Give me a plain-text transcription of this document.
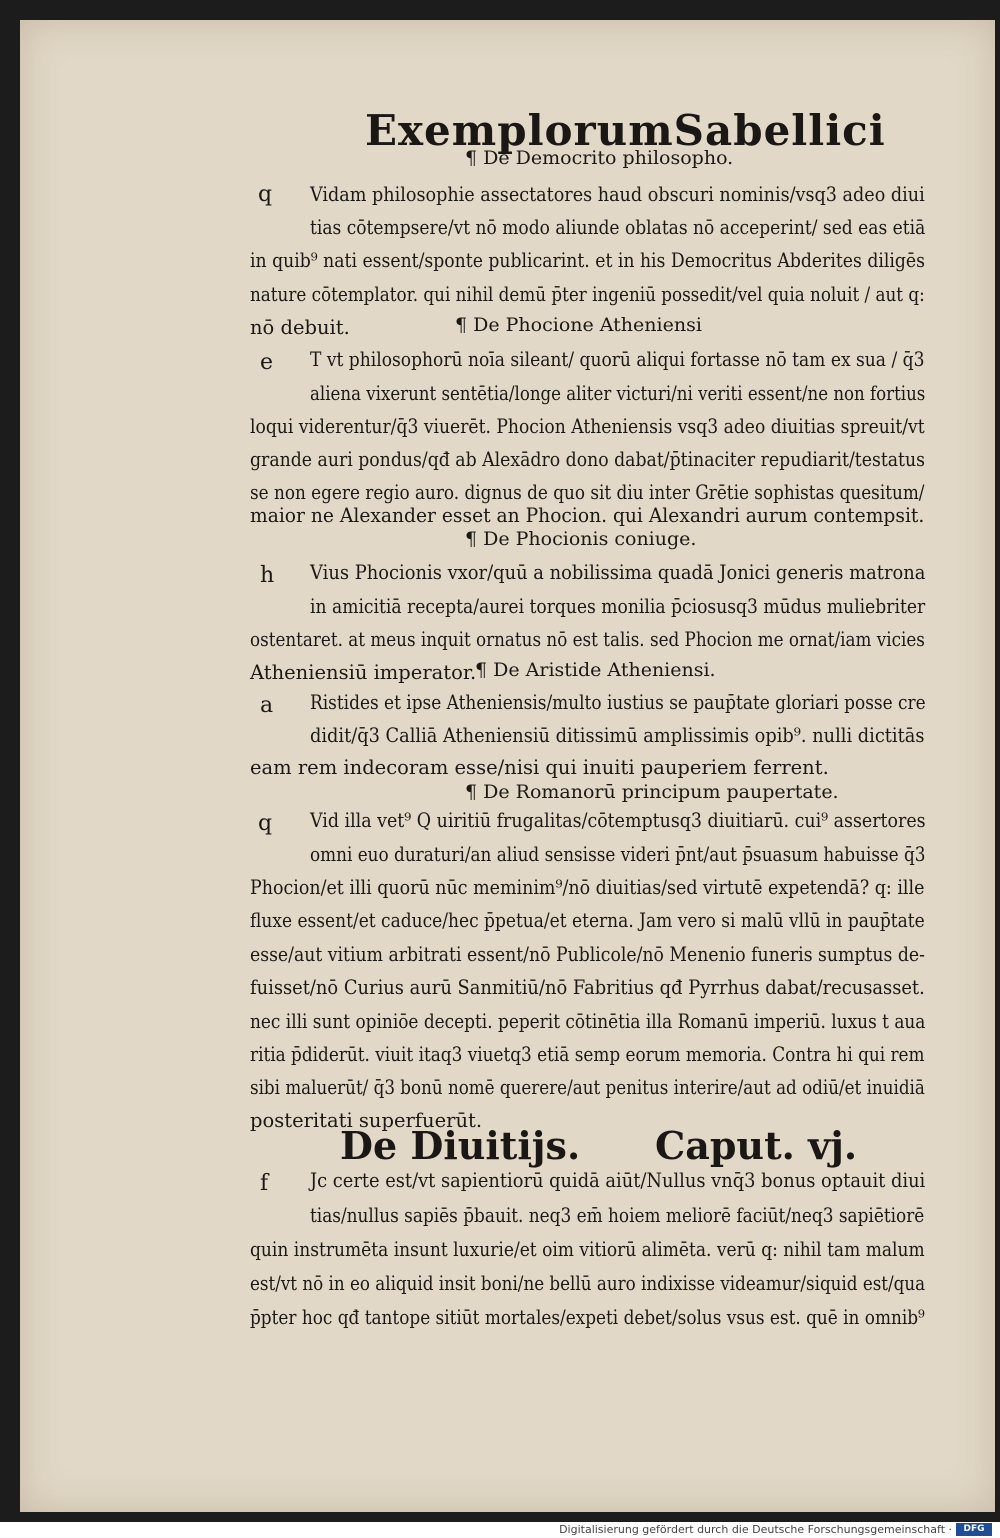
Exemplorum Sabellici
¶ De Democrito philosopho.
q Vidam philosophie assectatores haud obscuri nominis/vsq3 adeo diui
tias cōtempsere/vt nō modo aliunde oblatas nō acceperint/ sed eas etiā
in quib⁹ nati essent/sponte publicarint. et in his Democritus Abderites diligēs
nature cōtemplator. qui nihil demū p̄ter ingeniū possedit/vel quia noluit / aut q:
nō debuit.	¶ De Phocione Atheniensi
e T vt philosophorū noīa sileant/ quorū aliqui fortasse nō tam ex sua / q̄3
aliena vixerunt sentētia/longe aliter victuri/ni veriti essent/ne non fortius
loqui viderentur/q̄3 viuerēt. Phocion Atheniensis vsq3 adeo diuitias spreuit/vt
grande auri pondus/qđ ab Alexādro dono dabat/p̄tinaciter repudiarit/testatus
se non egere regio auro. dignus de quo sit diu inter Grētie sophistas quesitum/
maior ne Alexander esset an Phocion. qui Alexandri aurum contempsit.
¶ De Phocionis coniuge.
h Vius Phocionis vxor/quū a nobilissima quadā Jonici generis matrona
in amicitiā recepta/aurei torques monilia p̄ciosusq3 mūdus muliebriter
ostentaret. at meus inquit ornatus nō est talis. sed Phocion me ornat/iam vicies
Atheniensiū imperator.
¶ De Aristide Atheniensi.
a Ristides et ipse Atheniensis/multo iustius se paup̄tate gloriari posse cre
didit/q̄3 Calliā Atheniensiū ditissimū amplissimis opib⁹. nulli dictitās
eam rem indecoram esse/nisi qui inuiti pauperiem ferrent.
¶ De Romanorū principum paupertate.
q Vid illa vet⁹ Q uiritiū frugalitas/cōtemptusq3 diuitiarū. cui⁹ assertores
omni euo duraturi/an aliud sensisse videri p̄nt/aut p̄suasum habuisse q̄3
Phocion/et illi quorū nūc meminim⁹/nō diuitias/sed virtutē expetendā? q: ille
fluxe essent/et caduce/hec p̄petua/et eterna. Jam vero si malū vllū in paup̄tate
esse/aut vitium arbitrati essent/nō Publicole/nō Menenio funeris sumptus de-
fuisset/nō Curius aurū Sanmitiū/nō Fabritius qđ Pyrrhus dabat/recusasset.
nec illi sunt opiniōe decepti. peperit cōtinētia illa Romanū imperiū. luxus t aua
ritia p̄diderūt. viuit itaq3 viuetq3 etiā semp eorum memoria. Contra hi qui rem
sibi maluerūt/ q̄3 bonū nomē querere/aut penitus interire/aut ad odiū/et inuidiā
posteritati superfuerūt.
De Diuitijs. Caput. vj.
f Jc certe est/vt sapientiorū quidā aiūt/Nullus vnq̄3 bonus optauit diui
tias/nullus sapiēs p̄bauit. neq3 em̄ hoiem meliorē faciūt/neq3 sapiētiorē
quin instrumēta insunt luxurie/et oim vitiorū alimēta. verū q: nihil tam malum
est/vt nō in eo aliquid insit boni/ne bellū auro indixisse videamur/siquid est/qua
p̄pter hoc qđ tantope sitiūt mortales/expeti debet/solus vsus est. quē in omnib⁹
Digitalisierung gefördert durch die Deutsche Forschungsgemeinschaft ·	DFG
